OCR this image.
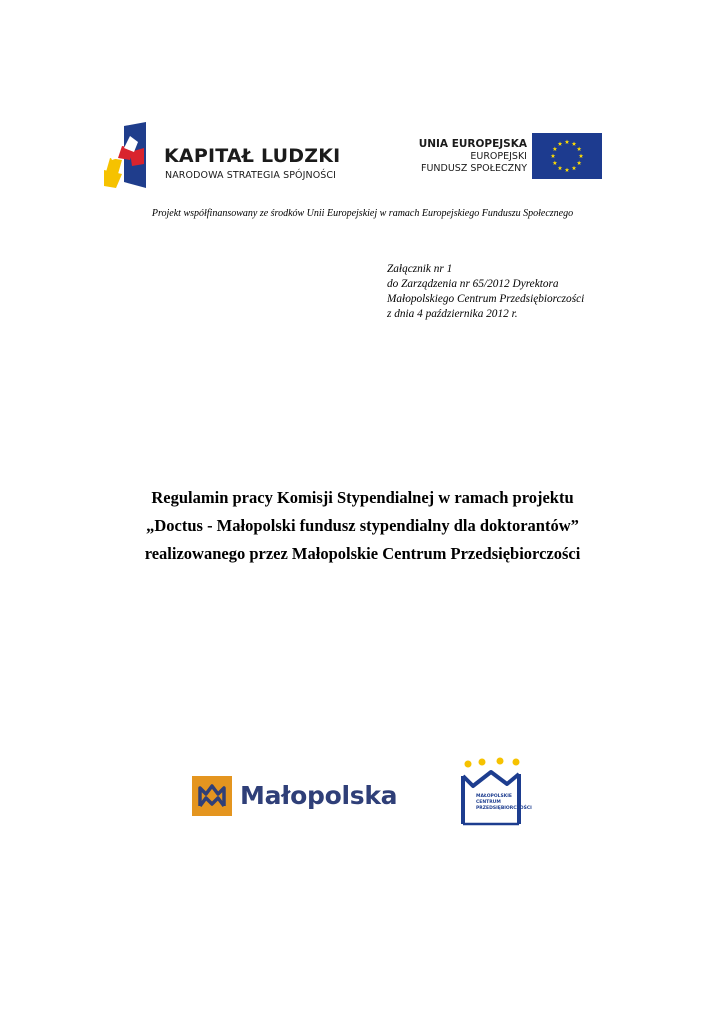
KAPITAŁ LUDZKI
NARODOWA STRATEGIA SPÓJNOŚCI
UNIA EUROPEJSKA
EUROPEJSKI
FUNDUSZ SPOŁECZNY
Projekt współfinansowany ze środków Unii Europejskiej w ramach Europejskiego Funduszu Społecznego
Załącznik nr 1
do Zarządzenia nr 65/2012 Dyrektora
Małopolskiego Centrum Przedsiębiorczości
z dnia 4 października 2012 r.
Regulamin pracy Komisji Stypendialnej w ramach projektu
„Doctus - Małopolski fundusz stypendialny dla doktorantów”
realizowanego przez Małopolskie Centrum Przedsiębiorczości
Małopolska	MAŁOPOLSKIE
CENTRUM
PRZEDSIĘBIORCZOŚCI
